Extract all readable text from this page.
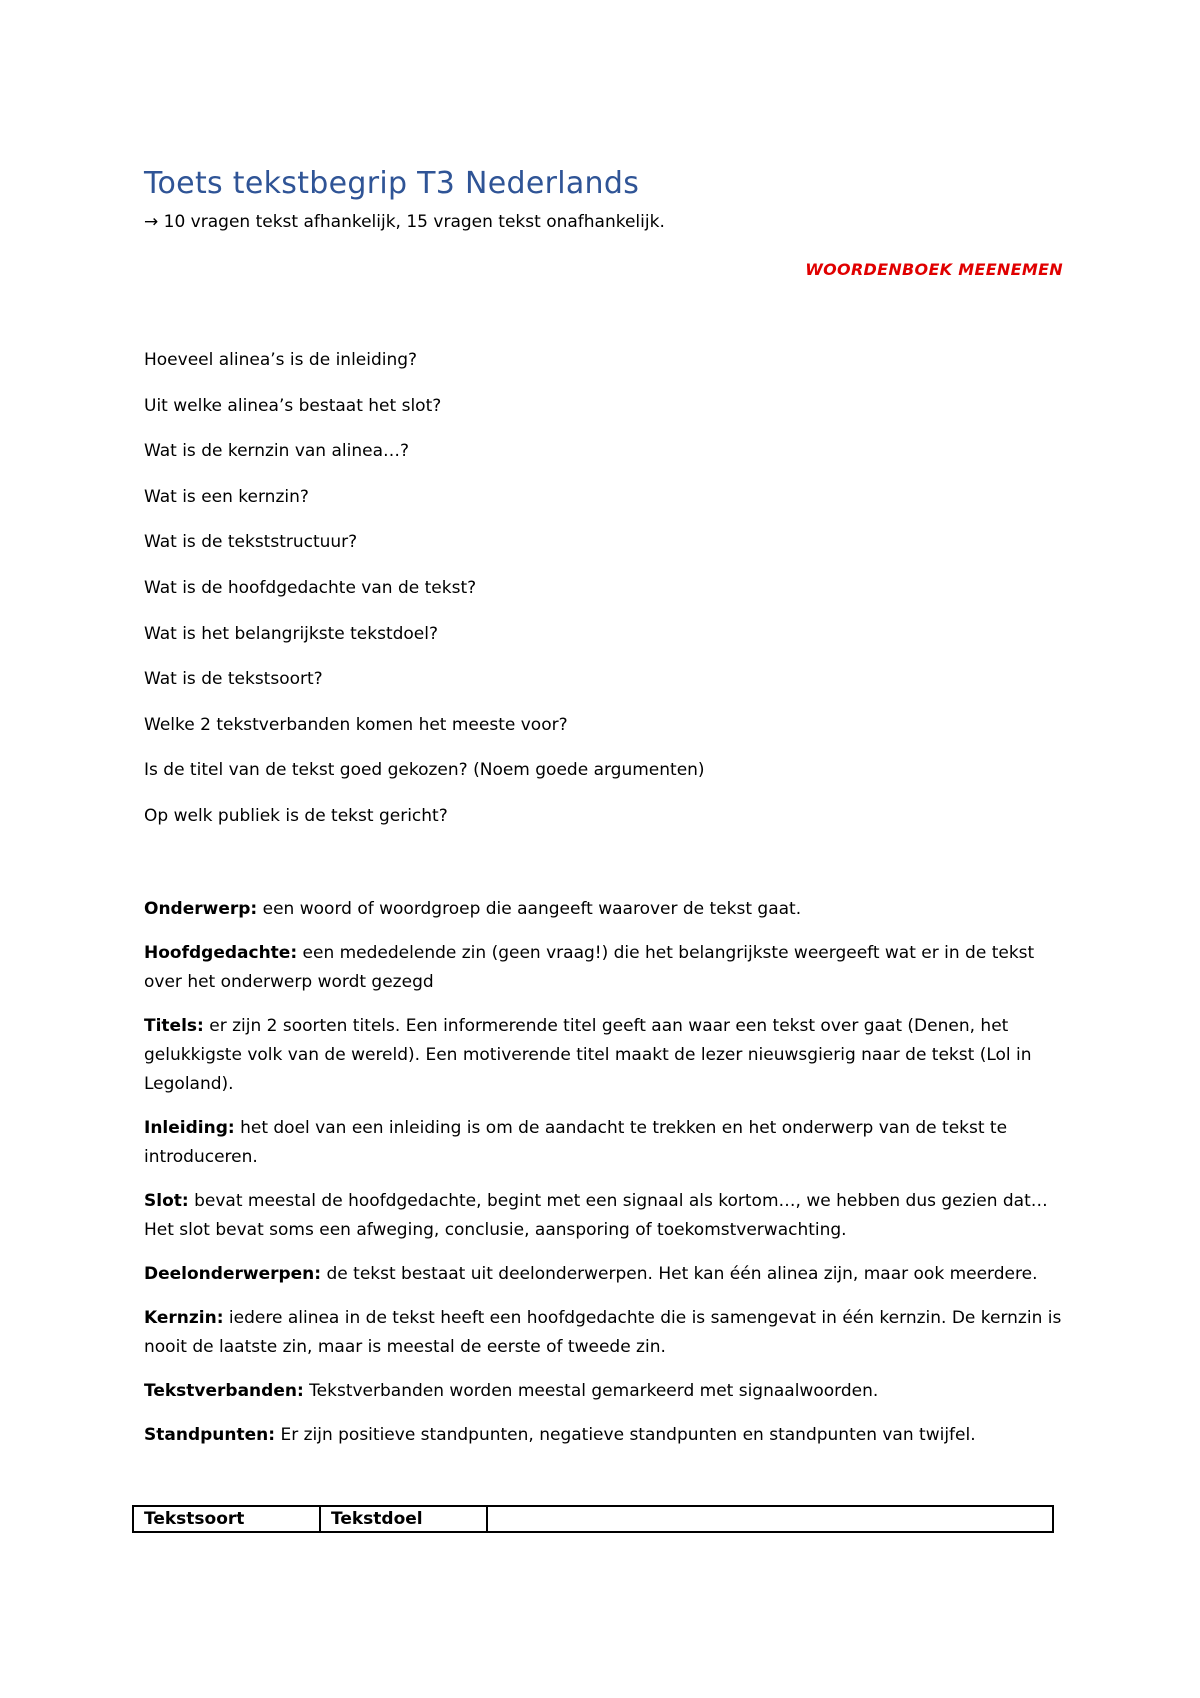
Toets tekstbegrip T3 Nederlands
→ 10 vragen tekst afhankelijk, 15 vragen tekst onafhankelijk.
WOORDENBOEK MEENEMEN
Hoeveel alinea’s is de inleiding?
Uit welke alinea’s bestaat het slot?
Wat is de kernzin van alinea…?
Wat is een kernzin?
Wat is de tekststructuur?
Wat is de hoofdgedachte van de tekst?
Wat is het belangrijkste tekstdoel?
Wat is de tekstsoort?
Welke 2 tekstverbanden komen het meeste voor?
Is de titel van de tekst goed gekozen? (Noem goede argumenten)
Op welk publiek is de tekst gericht?

Onderwerp: een woord of woordgroep die aangeeft waarover de tekst gaat.

Hoofdgedachte: een mededelende zin (geen vraag!) die het belangrijkste weergeeft wat er in de tekst over het onderwerp wordt gezegd

Titels: er zijn 2 soorten titels. Een informerende titel geeft aan waar een tekst over gaat (Denen, het gelukkigste volk van de wereld). Een motiverende titel maakt de lezer nieuwsgierig naar de tekst (Lol in Legoland).

Inleiding: het doel van een inleiding is om de aandacht te trekken en het onderwerp van de tekst te introduceren.

Slot: bevat meestal de hoofdgedachte, begint met een signaal als kortom…, we hebben dus gezien dat… Het slot bevat soms een afweging, conclusie, aansporing of toekomstverwachting.

Deelonderwerpen: de tekst bestaat uit deelonderwerpen. Het kan één alinea zijn, maar ook meerdere.

Kernzin: iedere alinea in de tekst heeft een hoofdgedachte die is samengevat in één kernzin. De kernzin is nooit de laatste zin, maar is meestal de eerste of tweede zin.

Tekstverbanden: Tekstverbanden worden meestal gemarkeerd met signaalwoorden.

Standpunten: Er zijn positieve standpunten, negatieve standpunten en standpunten van twijfel.

Tekstsoort	Tekstdoel	
